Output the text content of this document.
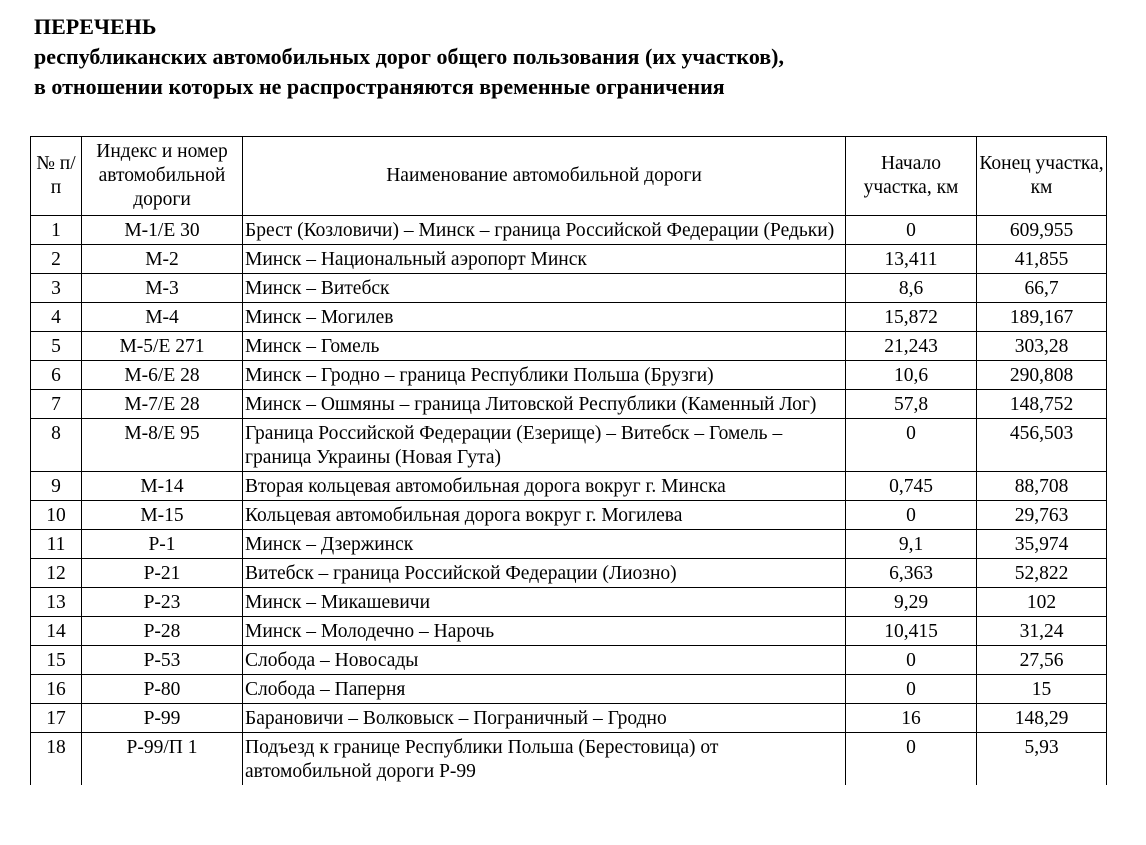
ПЕРЕЧЕНЬ
республиканских автомобильных дорог общего пользования (их участков),
в отношении которых не распространяются временные ограничения
№ п/п	Индекс и номер автомобильной дороги	Наименование автомобильной дороги	Начало участка, км	Конец участка, км
1	М-1/Е 30	Брест (Козловичи) – Минск – граница Российской Федерации (Редьки)	0	609,955
2	М-2	Минск – Национальный аэропорт Минск	13,411	41,855
3	М-3	Минск – Витебск	8,6	66,7
4	М-4	Минск – Могилев	15,872	189,167
5	М-5/Е 271	Минск – Гомель	21,243	303,28
6	М-6/Е 28	Минск – Гродно – граница Республики Польша (Брузги)	10,6	290,808
7	М-7/Е 28	Минск – Ошмяны – граница Литовской Республики (Каменный Лог)	57,8	148,752
8	М-8/Е 95	Граница Российской Федерации (Езерище) – Витебск – Гомель – граница Украины (Новая Гута)	0	456,503
9	М-14	Вторая кольцевая автомобильная дорога вокруг г. Минска	0,745	88,708
10	М-15	Кольцевая автомобильная дорога вокруг г. Могилева	0	29,763
11	Р-1	Минск – Дзержинск	9,1	35,974
12	Р-21	Витебск – граница Российской Федерации (Лиозно)	6,363	52,822
13	Р-23	Минск – Микашевичи	9,29	102
14	Р-28	Минск – Молодечно – Нарочь	10,415	31,24
15	Р-53	Слобода – Новосады	0	27,56
16	Р-80	Слобода – Паперня	0	15
17	Р-99	Барановичи – Волковыск – Пограничный – Гродно	16	148,29
18	Р-99/П 1	Подъезд к границе Республики Польша (Берестовица) от автомобильной дороги Р-99	0	5,93
